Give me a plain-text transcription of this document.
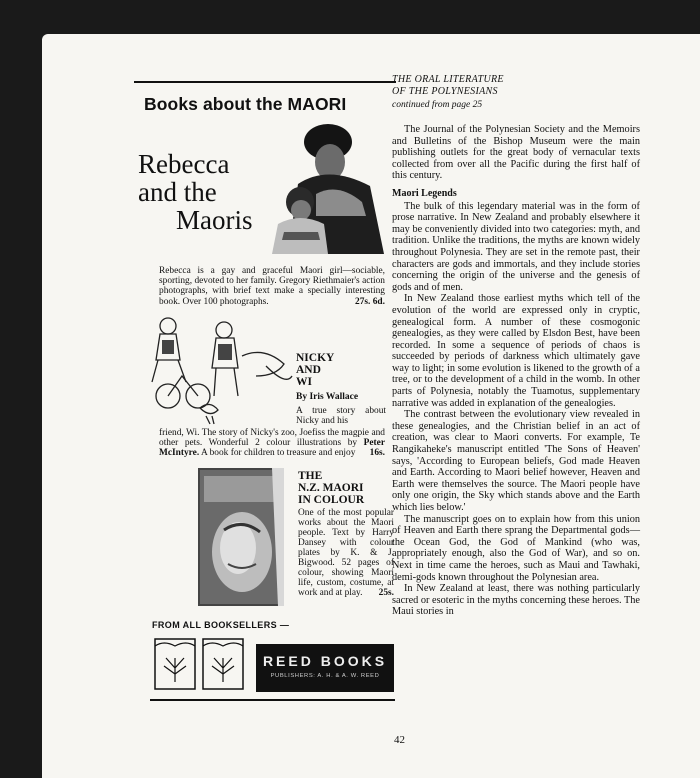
Books about the MAORI
Rebecca
and the
Maoris
Rebecca is a gay and graceful Maori girl—sociable, sporting, devoted to her family. Gregory Riethmaier's action photographs, with brief text make a specially interesting book. Over 100 photographs.	27s. 6d.
NICKY
AND
WI
By Iris Wallace
A true story about Nicky and his
friend, Wi. The story of Nicky's zoo, Joefiss the magpie and other pets. Wonderful 2 colour illustrations by Peter McIntyre. A book for children to treasure and enjoy 16s.
THE
N.Z. MAORI
IN COLOUR
One of the most popular works about the Maori people. Text by Harry Dansey with colour plates by K. & J. Bigwood. 52 pages of colour, showing Maori life, custom, costume, at work and at play. 25s.
FROM ALL BOOKSELLERS —
REED BOOKS
PUBLISHERS: A. H. & A. W. REED
42
THE ORAL LITERATURE
OF THE POLYNESIANS
continued from page 25

The Journal of the Polynesian Society and the Memoirs and Bulletins of the Bishop Museum were the main publishing outlets for the great body of vernacular texts collected from over all the Pacific during the first half of this century.

Maori Legends

The bulk of this legendary material was in the form of prose narrative. In New Zealand and probably elsewhere it may be conveniently divided into two categories: myth, and tradition. Unlike the traditions, the myths are known widely throughout Polynesia. They are set in the remote past, their characters are gods and immortals, and they include stories concerning the origin of the universe and the genesis of gods and of men.

In New Zealand those earliest myths which tell of the evolution of the world are expressed only in cryptic, genealogical form. A number of these cosmogonic genealogies, as they were called by Elsdon Best, have been recorded. In some a sequence of periods of chaos is succeeded by periods of darkness which ultimately gave way to light; in some evolution is likened to the growth of a tree, or to the development of a child in the womb. In other parts of Polynesia, notably the Tuamotus, supplementary narrative was added in explanation of the genealogies.

The contrast between the evolutionary view revealed in these genealogies, and the Christian belief in an act of creation, was clear to Maori converts. For example, Te Rangikaheke's manuscript entitled 'The Sons of Heaven' says, 'According to European beliefs, God made Heaven and Earth. According to Maori belief however, Heaven and Earth were themselves the source. The Maori people have only one origin, the Sky which stands above and the Earth which lies below.'

The manuscript goes on to explain how from this union of Heaven and Earth there sprang the Departmental gods—the Ocean God, the God of Mankind (who was, appropriately enough, also the God of War), and so on. Next in time came the heroes, such as Maui and Tawhaki, demi-gods known throughout the Polynesian area.

In New Zealand at least, there was nothing particularly sacred or esoteric in the myths concerning these heroes. The Maui stories in
